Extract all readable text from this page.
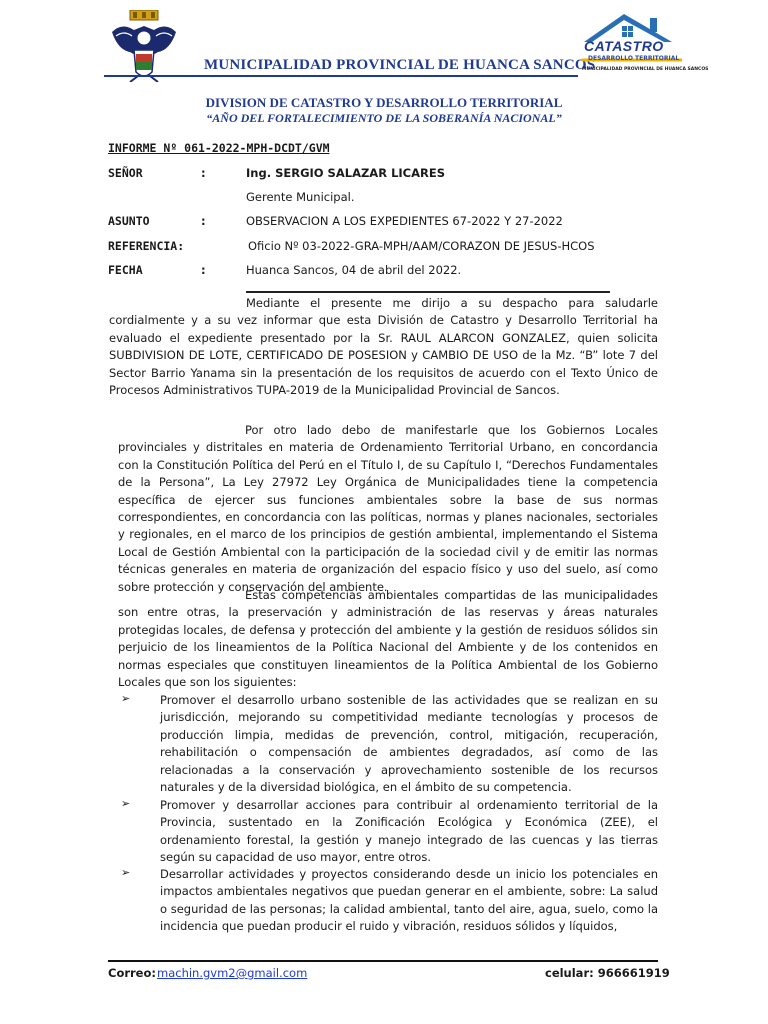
MUNICIPALIDAD PROVINCIAL DE HUANCA SANCOS
CATASTRO
DESARROLLO TERRITORIAL
MUNICIPALIDAD PROVINCIAL DE HUANCA SANCOS
DIVISION DE CATASTRO Y DESARROLLO TERRITORIAL
“AÑO DEL FORTALECIMIENTO DE LA SOBERANÍA NACIONAL”
INFORME Nº 061-2022-MPH-DCDT/GVM
SEÑOR	:	Ing. SERGIO SALAZAR LICARES
Gerente Municipal.
ASUNTO	:	OBSERVACION A LOS EXPEDIENTES 67-2022 Y 27-2022
REFERENCIA:	Oficio Nº 03-2022-GRA-MPH/AAM/CORAZON DE JESUS-HCOS
FECHA	:	Huanca Sancos, 04 de abril del 2022.

Mediante el presente me dirijo a su despacho para saludarle cordialmente y a su vez informar que esta División de Catastro y Desarrollo Territorial ha evaluado el expediente presentado por la Sr. RAUL ALARCON GONZALEZ, quien solicita SUBDIVISION DE LOTE, CERTIFICADO DE POSESION y CAMBIO DE USO de la Mz. “B” lote 7 del Sector Barrio Yanama sin la presentación de los requisitos de acuerdo con el Texto Único de Procesos Administrativos TUPA-2019 de la Municipalidad Provincial de Sancos.

Por otro lado debo de manifestarle que los Gobiernos Locales provinciales y distritales en materia de Ordenamiento Territorial Urbano, en concordancia con la Constitución Política del Perú en el Título I, de su Capítulo I, “Derechos Fundamentales de la Persona”, La Ley 27972 Ley Orgánica de Municipalidades tiene la competencia específica de ejercer sus funciones ambientales sobre la base de sus normas correspondientes, en concordancia con las políticas, normas y planes nacionales, sectoriales y regionales, en el marco de los principios de gestión ambiental, implementando el Sistema Local de Gestión Ambiental con la participación de la sociedad civil y de emitir las normas técnicas generales en materia de organización del espacio físico y uso del suelo, así como sobre protección y conservación del ambiente.

Estas competencias ambientales compartidas de las municipalidades son entre otras, la preservación y administración de las reservas y áreas naturales protegidas locales, de defensa y protección del ambiente y la gestión de residuos sólidos sin perjuicio de los lineamientos de la Política Nacional del Ambiente y de los contenidos en normas especiales que constituyen lineamientos de la Política Ambiental de los Gobierno Locales que son los siguientes:

➢	Promover el desarrollo urbano sostenible de las actividades que se realizan en su jurisdicción, mejorando su competitividad mediante tecnologías y procesos de producción limpia, medidas de prevención, control, mitigación, recuperación, rehabilitación o compensación de ambientes degradados, así como de las relacionadas a la conservación y aprovechamiento sostenible de los recursos naturales y de la diversidad biológica, en el ámbito de su competencia.

➢	Promover y desarrollar acciones para contribuir al ordenamiento territorial de la Provincia, sustentado en la Zonificación Ecológica y Económica (ZEE), el ordenamiento forestal, la gestión y manejo integrado de las cuencas y las tierras según su capacidad de uso mayor, entre otros.

➢	Desarrollar actividades y proyectos considerando desde un inicio los potenciales en impactos ambientales negativos que puedan generar en el ambiente, sobre: La salud o seguridad de las personas; la calidad ambiental, tanto del aire, agua, suelo, como la incidencia que puedan producir el ruido y vibración, residuos sólidos y líquidos,

Correo: machin.gvm2@gmail.com	celular: 966661919
